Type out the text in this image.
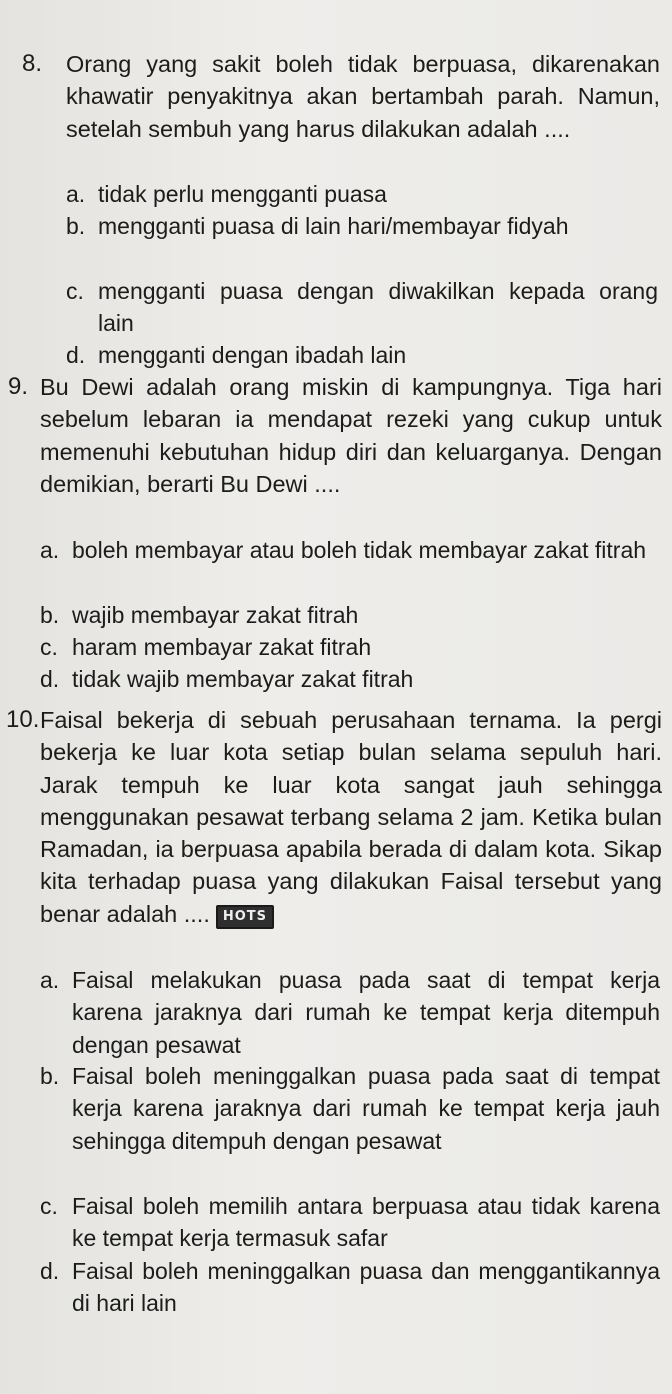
8. Orang yang sakit boleh tidak berpuasa, dikarenakan khawatir penyakitnya akan bertambah parah. Namun, setelah sembuh yang harus dilakukan adalah ....
a. tidak perlu mengganti puasa
b. mengganti puasa di lain hari/membayar fidyah
c. mengganti puasa dengan diwakilkan kepada orang lain
d. mengganti dengan ibadah lain
9. Bu Dewi adalah orang miskin di kampungnya. Tiga hari sebelum lebaran ia mendapat rezeki yang cukup untuk memenuhi kebutuhan hidup diri dan keluarganya. Dengan demikian, berarti Bu Dewi ....
a. boleh membayar atau boleh tidak membayar zakat fitrah
b. wajib membayar zakat fitrah
c. haram membayar zakat fitrah
d. tidak wajib membayar zakat fitrah
10. Faisal bekerja di sebuah perusahaan ternama. Ia pergi bekerja ke luar kota setiap bulan selama sepuluh hari. Jarak tempuh ke luar kota sangat jauh sehingga menggunakan pesawat terbang selama 2 jam. Ketika bulan Ramadan, ia berpuasa apabila berada di dalam kota. Sikap kita terhadap puasa yang dilakukan Faisal tersebut yang benar adalah .... HOTS
a. Faisal melakukan puasa pada saat di tempat kerja karena jaraknya dari rumah ke tempat kerja ditempuh dengan pesawat
b. Faisal boleh meninggalkan puasa pada saat di tempat kerja karena jaraknya dari rumah ke tempat kerja jauh sehingga ditempuh dengan pesawat
c. Faisal boleh memilih antara berpuasa atau tidak karena ke tempat kerja termasuk safar
d. Faisal boleh meninggalkan puasa dan menggantikannya di hari lain
